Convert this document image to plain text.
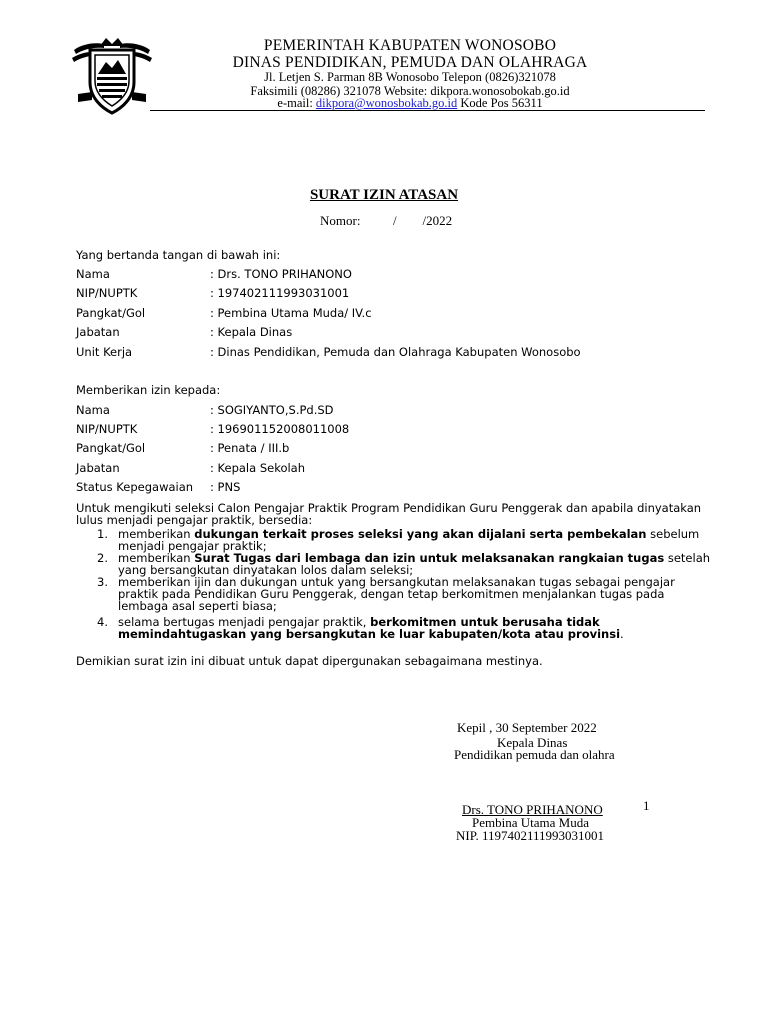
PEMERINTAH KABUPATEN WONOSOBO
DINAS PENDIDIKAN, PEMUDA DAN OLAHRAGA
Jl. Letjen S. Parman 8B Wonosobo Telepon (0826)321078
Faksimili (08286) 321078 Website: dikpora.wonosobokab.go.id
e-mail: dikpora@wonosbokab.go.id Kode Pos 56311
SURAT IZIN ATASAN
Nomor:          /        /2022
Yang bertanda tangan di bawah ini:
Nama	: Drs. TONO PRIHANONO
NIP/NUPTK	: 197402111993031001
Pangkat/Gol	: Pembina Utama Muda/ IV.c
Jabatan	: Kepala Dinas
Unit Kerja	: Dinas Pendidikan, Pemuda dan Olahraga Kabupaten Wonosobo
Memberikan izin kepada:
Nama	: SOGIYANTO,S.Pd.SD
NIP/NUPTK	: 196901152008011008
Pangkat/Gol	: Penata / III.b
Jabatan	: Kepala Sekolah
Status Kepegawaian : PNS
Untuk mengikuti seleksi Calon Pengajar Praktik Program Pendidikan Guru Penggerak dan apabila dinyatakan lulus menjadi pengajar praktik, bersedia:
1. memberikan dukungan terkait proses seleksi yang akan dijalani serta pembekalan sebelum menjadi pengajar praktik;
2. memberikan Surat Tugas dari lembaga dan izin untuk melaksanakan rangkaian tugas setelah yang bersangkutan dinyatakan lolos dalam seleksi;
3. memberikan ijin dan dukungan untuk yang bersangkutan melaksanakan tugas sebagai pengajar praktik pada Pendidikan Guru Penggerak, dengan tetap berkomitmen menjalankan tugas pada lembaga asal seperti biasa;
4. selama bertugas menjadi pengajar praktik, berkomitmen untuk berusaha tidak memindahtugaskan yang bersangkutan ke luar kabupaten/kota atau provinsi.
Demikian surat izin ini dibuat untuk dapat dipergunakan sebagaimana mestinya.
Kepil , 30 September 2022
Kepala Dinas
Pendidikan pemuda dan olahra
1
Drs. TONO PRIHANONO
Pembina Utama Muda
NIP. 1197402111993031001
